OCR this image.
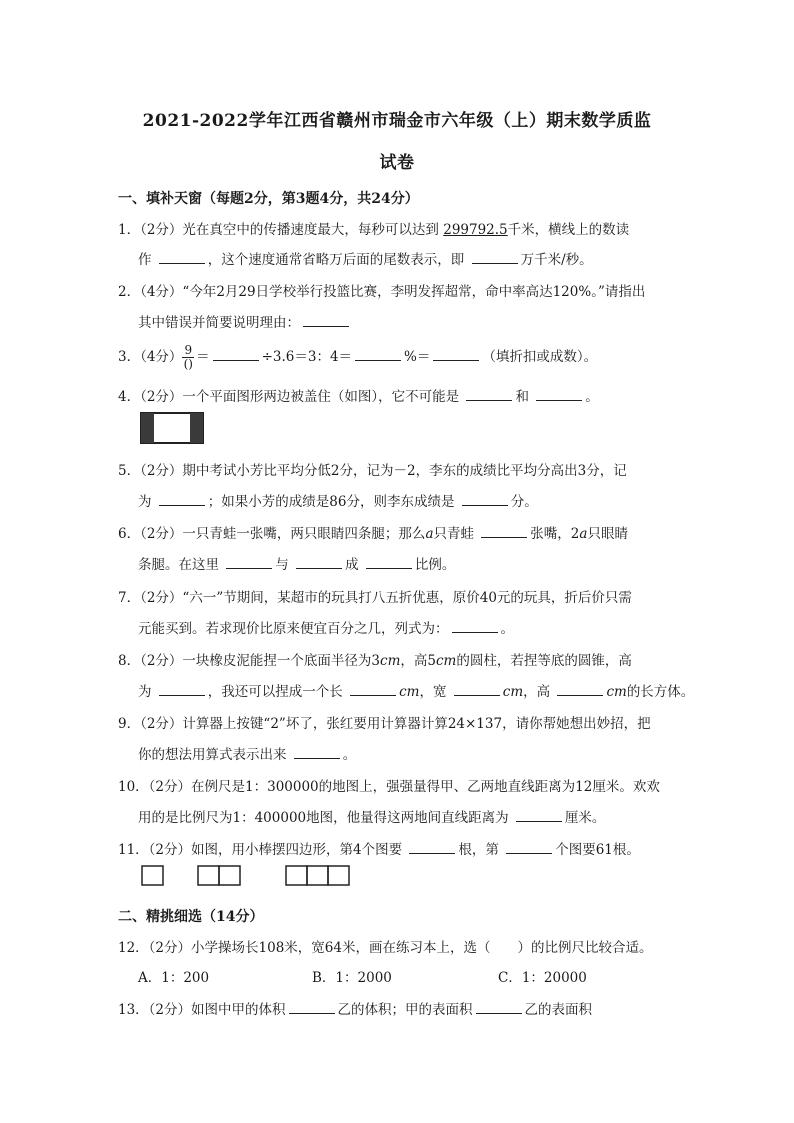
2021-2022学年江西省赣州市瑞金市六年级（上）期末数学质监
试卷
一、填补天窗（每题2分，第3题4分，共24分）
1．（2分）光在真空中的传播速度最大，每秒可以达到 299792.5千米，横线上的数读
作	，这个速度通常省略万后面的尾数表示，即	万千米/秒。
2．（4分）“今年2月29日学校举行投篮比赛，李明发挥超常，命中率高达120%。”请指出
其中错误并简要说明理由：
3．（4分） $\frac{9}{()}$ ＝	÷3.6＝3：4＝	%＝	（填折扣或成数）。
4．（2分）一个平面图形两边被盖住（如图），它不可能是	和	。
5．（2分）期中考试小芳比平均分低2分，记为－2，李东的成绩比平均分高出3分，记
为	；如果小芳的成绩是86分，则李东成绩是	分。
6．（2分）一只青蛙一张嘴，两只眼睛四条腿；那么a只青蛙	张嘴，2a只眼睛
条腿。在这里	与	成	比例。
7．（2分）“六一”节期间，某超市的玩具打八五折优惠，原价40元的玩具，折后价只需
元能买到。若求现价比原来便宜百分之几，列式为：	。
8．（2分）一块橡皮泥能捏一个底面半径为3cm，高5cm的圆柱，若捏等底的圆锥，高
为	，我还可以捏成一个长	cm，宽	cm，高	cm的长方体。
9．（2分）计算器上按键“2”坏了，张红要用计算器计算24×137，请你帮她想出妙招，把
你的想法用算式表示出来	。
10．（2分）在例尺是1：300000的地图上，强强量得甲、乙两地直线距离为12厘米。欢欢
用的是比例尺为1：400000地图，他量得这两地间直线距离为	厘米。
11．（2分）如图，用小棒摆四边形，第4个图要	根，第	个图要61根。
二、精挑细选（14分）
12．（2分）小学操场长108米，宽64米，画在练习本上，选（　　）的比例尺比较合适。
A．1：200	B．1：2000	C．1：20000
13．（2分）如图中甲的体积	乙的体积；甲的表面积	乙的表面积
